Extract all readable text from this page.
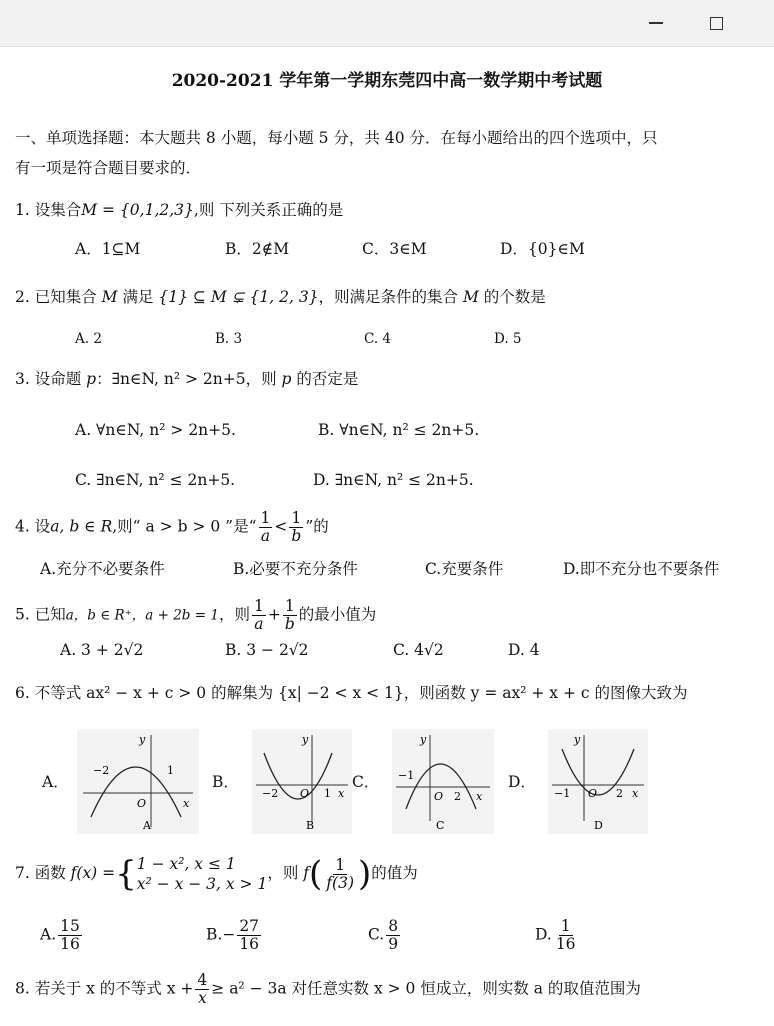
2020-2021 学年第一学期东莞四中高一数学期中考试题
一、单项选择题：本大题共 8 小题，每小题 5 分，共 40 分．在每小题给出的四个选项中，只
有一项是符合题目要求的．
1. 设集合M = {0,1,2,3},则 下列关系正确的是
A．1⊆M	B．2∉M	C．3∈M	D．{0}∈M
2. 已知集合 M 满足 {1} ⊆ M ⊊ {1, 2, 3}，则满足条件的集合 M 的个数是
A. 2	B. 3	C. 4	D. 5
3. 设命题 p：∃n∈N, n² > 2n+5，则 p 的否定是
A. ∀n∈N, n² > 2n+5.	B. ∀n∈N, n² ≤ 2n+5.
C. ∃n∈N, n² ≤ 2n+5.	D. ∃n∈N, n² ≤ 2n+5.
4. 设a, b ∈ R,则“ a > b > 0 ”是“ $\frac{1}{a} < \frac{1}{b}$ ”的
A.充分不必要条件	B.必要不充分条件	C.充要条件	D.即不充分也不要条件
5. 已知a，b ∈ R⁺，a + 2b = 1，则 $\frac{1}{a} + \frac{1}{b}$ 的最小值为
A. 3 + 2√2	B. 3 − 2√2	C. 4√2	D. 4
6. 不等式 ax² − x + c > 0 的解集为 {x| −2 < x < 1}，则函数 y = ax² + x + c 的图像大致为
A．	B．	C．	D．
y
−2	1
O	x
A
y
−2 O 1 x
B
y
−1
O 2 x
C
y
−1 O 2 x
D
7. 函数 f(x) ={ 1 − x², x ≤ 1
x² − x − 3, x > 1
，则 $f( \frac{1}{f(3)}$ )的值为
A. $\frac{15}{16}$	$B.- \frac{27}{16}$	C. $\frac{8}{9}$	D. $\frac{1}{16}$
8. 若关于 x 的不等式 $x + \frac{4}{x} \ge a^2 - 3a$ 对任意实数 x > 0 恒成立，则实数 a 的取值范围为
